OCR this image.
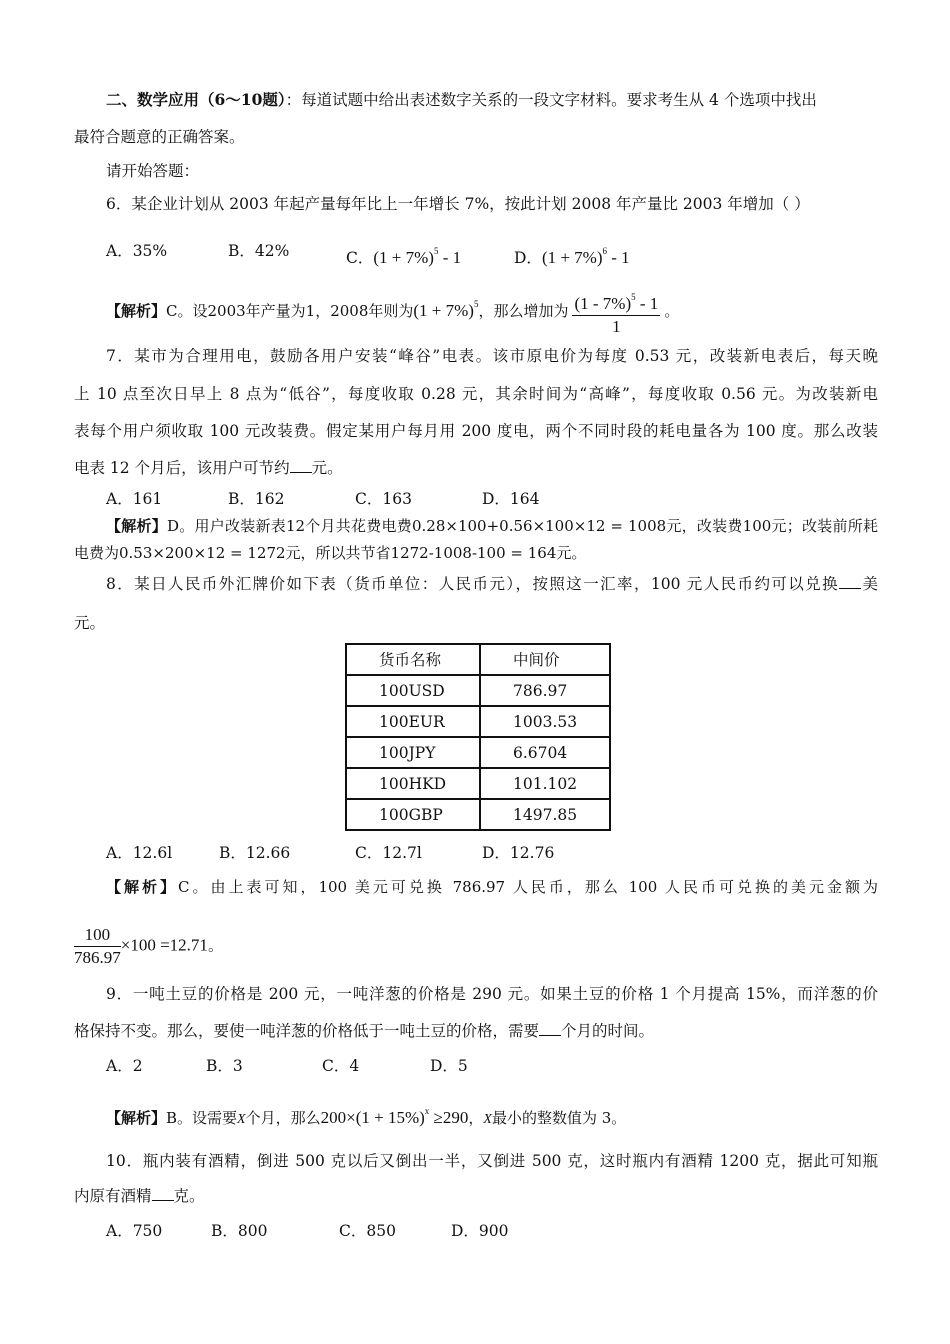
二、数学应用（6～10题）：每道试题中给出表述数字关系的一段文字材料。要求考生从 4 个选项中找出
最符合题意的正确答案。
请开始答题：
6．某企业计划从 2003 年起产量每年比上一年增长 7%，按此计划 2008 年产量比 2003 年增加（ ）
A．35%	B．42%	C．$(1 + 7\%)^5 - 1$	D．$(1 + 7\%)^6 - 1$
【解析】C。设2003年产量为1，2008年则为$(1 + 7\%)^5$，那么增加为 $\frac{(1 - 7\%)^5 - 1}{1}$ 。
7．某市为合理用电，鼓励各用户安装“峰谷”电表。该市原电价为每度 0.53 元，改装新电表后，每天晚
上 10 点至次日早上 8 点为“低谷”，每度收取 0.28 元，其余时间为“高峰”，每度收取 0.56 元。为改装新电
表每个用户须收取 100 元改装费。假定某用户每月用 200 度电，两个不同时段的耗电量各为 100 度。那么改装
电表 12 个月后，该用户可节约 元。
A．161	B．162	C．163	D．164
【解析】D。用户改装新表12个月共花费电费0.28×100+0.56×100×12 = 1008元，改装费100元；改装前所耗
电费为0.53×200×12 = 1272元，所以共节省1272-1008-100 = 164元。
8．某日人民币外汇牌价如下表（货币单位：人民币元），按照这一汇率，100 元人民币约可以兑换 美
元。
货币名称	中间价
100USD	786.97
100EUR	1003.53
100JPY	6.6704
100HKD	101.102
100GBP	1497.85
A．12.6l	B．12.66	C．12.7l	D．12.76
【解析】C。由上表可知，100 美元可兑换 786.97 人民币，那么 100 人民币可兑换的美元金额为
$\frac{100}{786.97} \times 100 =12.71$。
9．一吨土豆的价格是 200 元，一吨洋葱的价格是 290 元。如果土豆的价格 1 个月提高 15%，而洋葱的价
格保持不变。那么，要使一吨洋葱的价格低于一吨土豆的价格，需要 个月的时间。
A．2	B．3	C．4	D．5
【解析】B。设需要X个月，那么$200\times(1 + 15\%)^x \ge 290$，X最小的整数值为 3。
10．瓶内装有酒精，倒进 500 克以后又倒出一半，又倒进 500 克，这时瓶内有酒精 1200 克，据此可知瓶
内原有酒精 克。
A．750	B．800	C．850	D．900
